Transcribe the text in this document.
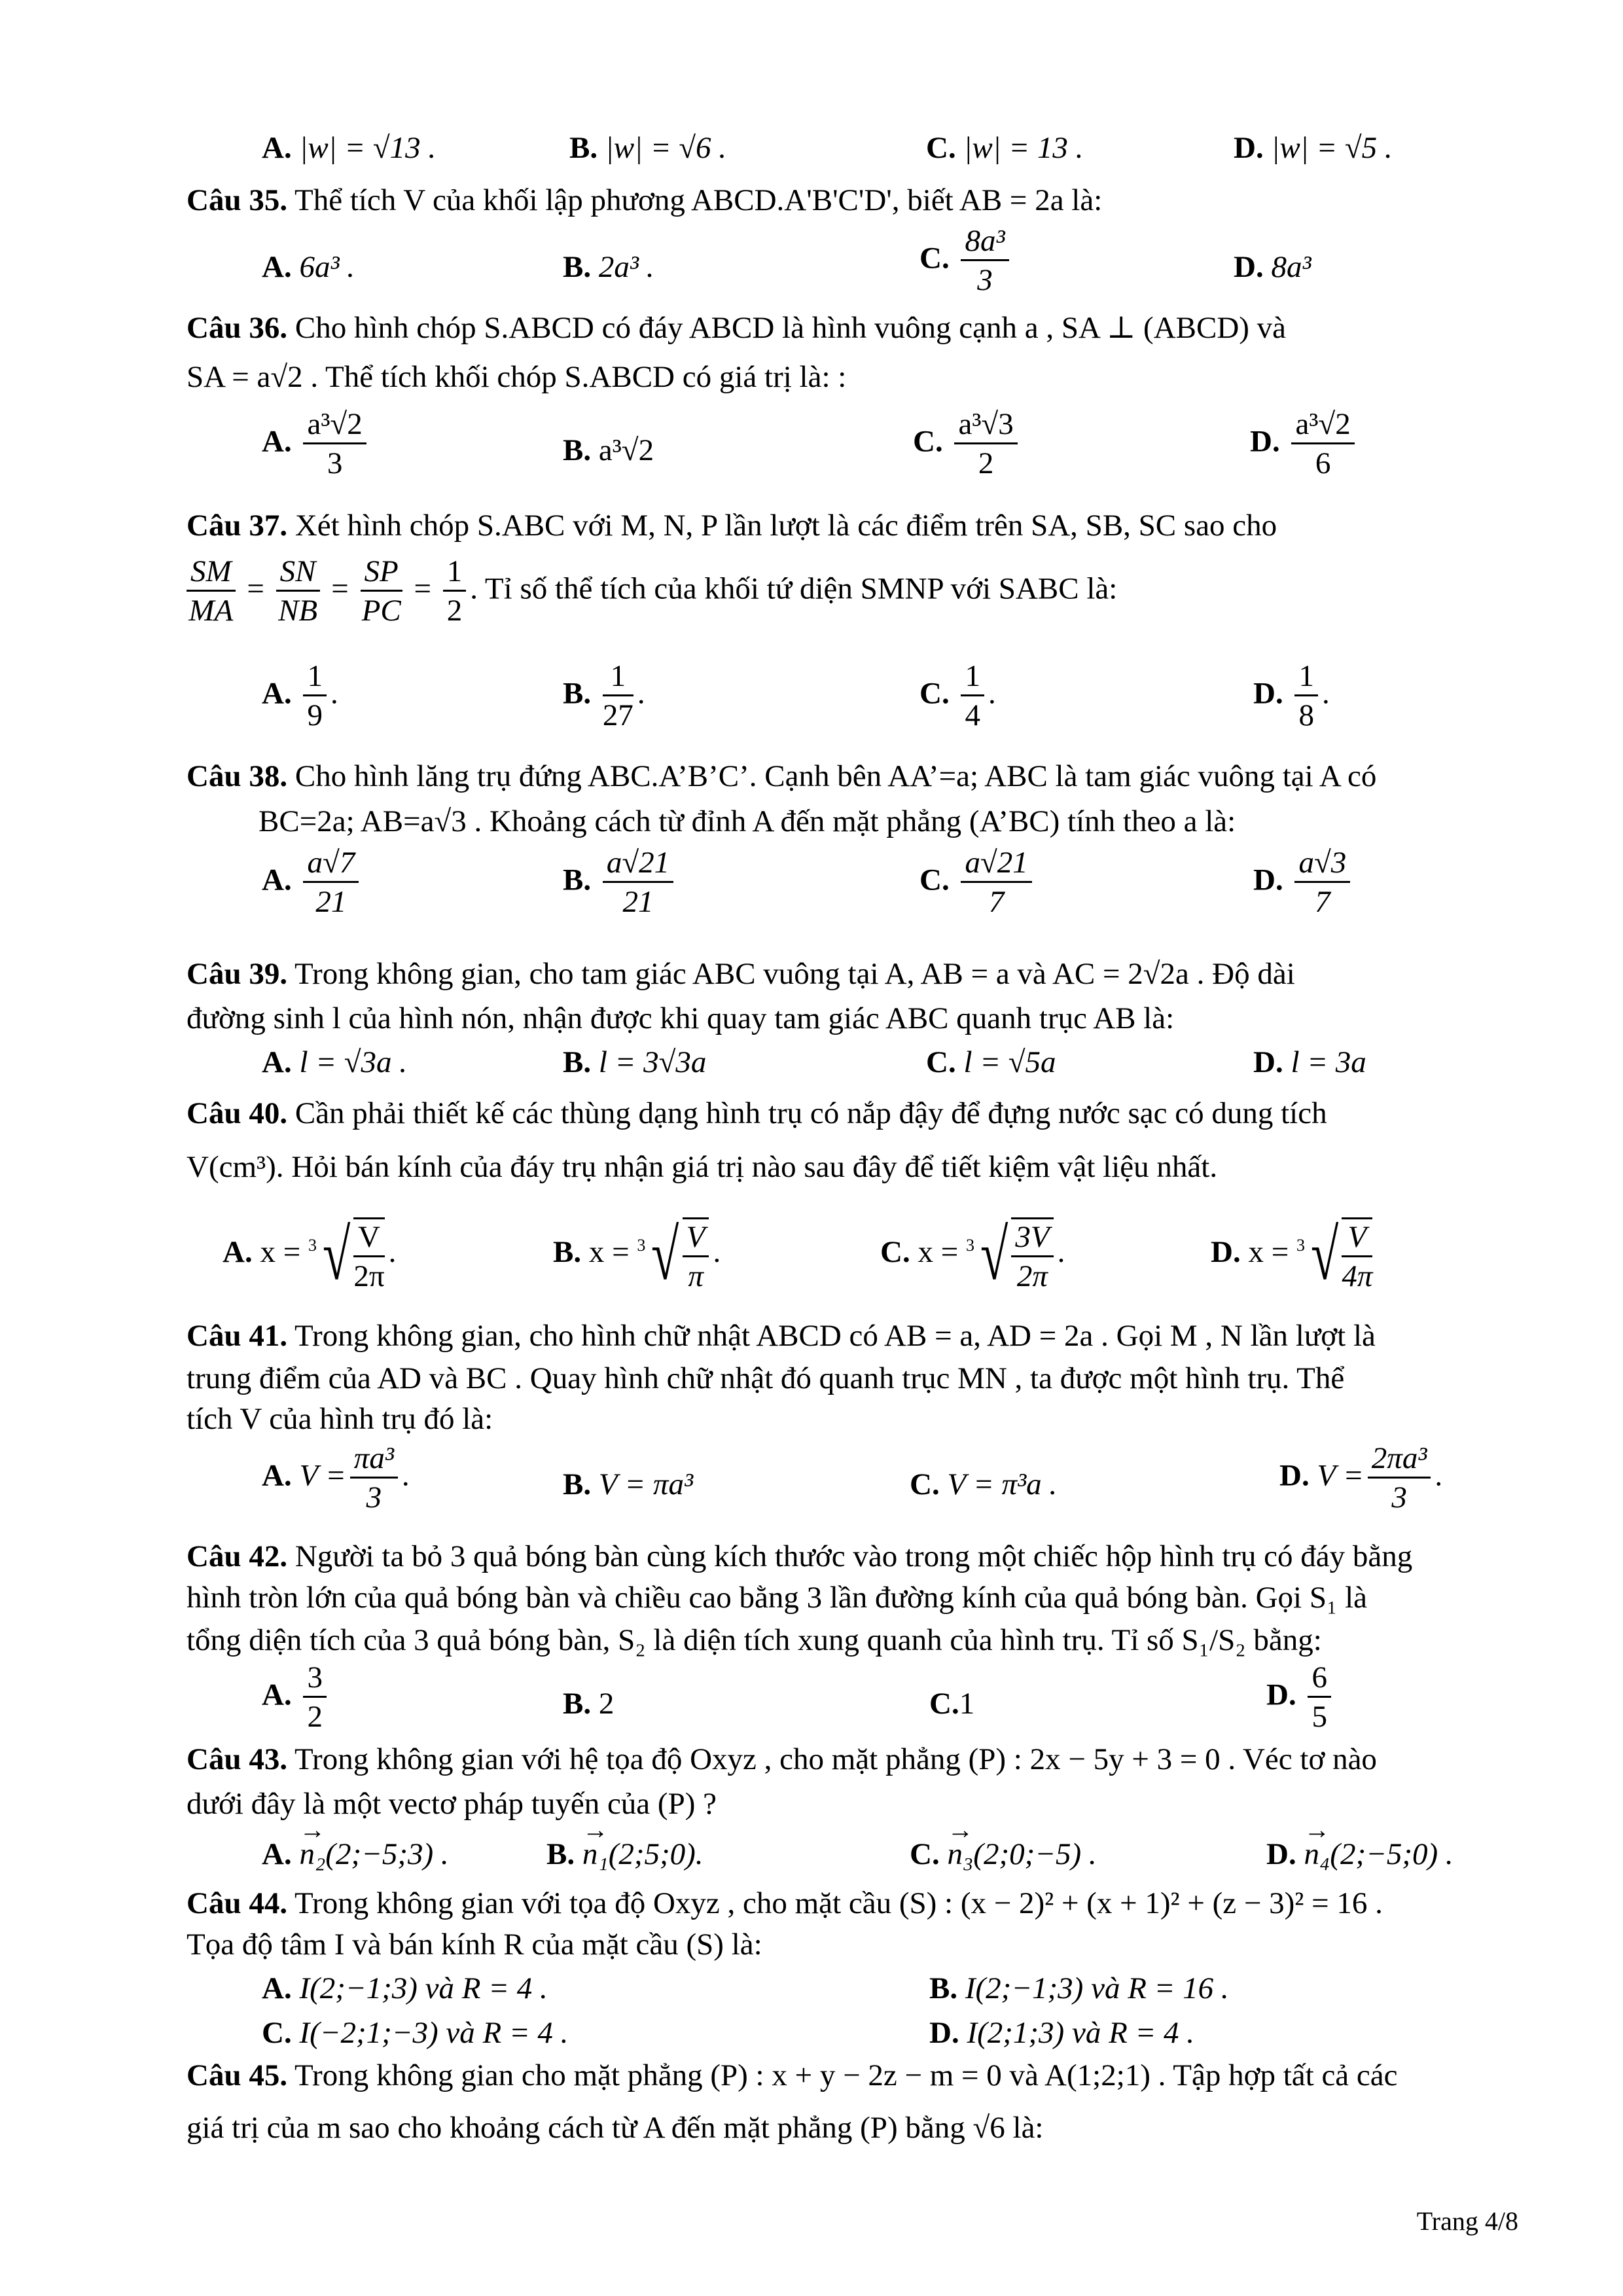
A. |w| = √13 .	B. |w| = √6 .	C. |w| = 13 .	D. |w| = √5 .
Câu 35. Thể tích V của khối lập phương ABCD.A'B'C'D', biết AB = 2a là:
A. 6a³ .	B. 2a³ .	C. $\frac{\text{8a³}}{3}$	D. 8a³
Câu 36. Cho hình chóp S.ABCD có đáy ABCD là hình vuông cạnh a , SA ⊥ (ABCD) và
SA = a√2 . Thể tích khối chóp S.ABCD có giá trị là: :
A. $\frac{\text{a³√2}}{3}$	B. a³√2	C. $\frac{\text{a³√3}}{2}$	D. $\frac{\text{a³√2}}{6}$
Câu 37. Xét hình chóp S.ABC với M, N, P lần lượt là các điểm trên SA, SB, SC sao cho
$\frac{SM}{MA} = \frac{SN}{NB} = \frac{SP}{PC} = \frac{1}{2}$ . Tỉ số thể tích của khối tứ diện SMNP với SABC là:
A. $\frac{1}{9}$ .	B. $\frac{1}{27}$ .	C. $\frac{1}{4}$ .	D. $\frac{1}{8}$ .
Câu 38. Cho hình lăng trụ đứng ABC.A’B’C’. Cạnh bên AA’=a; ABC là tam giác vuông tại A có
BC=2a; AB=a√3 . Khoảng cách từ đỉnh A đến mặt phẳng (A’BC) tính theo a là:
A. $\frac{a√7}{21}$	B. $\frac{a√21}{21}$	C. $\frac{a√21}{7}$	D. $\frac{a√3}{7}$
Câu 39. Trong không gian, cho tam giác ABC vuông tại A, AB = a và AC = 2√2a . Độ dài
đường sinh l của hình nón, nhận được khi quay tam giác ABC quanh trục AB là:
A. l = √3a .	B. l = 3√3a	C. l = √5a	D. l = 3a
Câu 40. Cần phải thiết kế các thùng dạng hình trụ có nắp đậy để đựng nước sạc có dung tích
V(cm³). Hỏi bán kính của đáy trụ nhận giá trị nào sau đây để tiết kiệm vật liệu nhất.
A. $x = ^3√ \frac{V}{2\pi}$ .	B. $x = ^3√ \frac{V}{\pi}$ .	C. $x = ^3√ \frac{3V}{2\pi}$ .	D. $x = ^3√ \frac{V}{4\pi}$
Câu 41. Trong không gian, cho hình chữ nhật ABCD có AB = a, AD = 2a . Gọi M , N lần lượt là
trung điểm của AD và BC . Quay hình chữ nhật đó quanh trục MN , ta được một hình trụ. Thể
tích V của hình trụ đó là:
A. $V = \frac{\text{πa³}}{3}$ .	B. V = πa³	C. V = π³a .	D. $V = \frac{\text{2πa³}}{3}$ .
Câu 42. Người ta bỏ 3 quả bóng bàn cùng kích thước vào trong một chiếc hộp hình trụ có đáy bằng
hình tròn lớn của quả bóng bàn và chiều cao bằng 3 lần đường kính của quả bóng bàn. Gọi S₁ là
tổng diện tích của 3 quả bóng bàn, S₂ là diện tích xung quanh của hình trụ. Tỉ số S₁/S₂ bằng:
A. $\frac{3}{2}$	B. 2	C.1	D. $\frac{6}{5}$
Câu 43. Trong không gian với hệ tọa độ Oxyz , cho mặt phẳng (P) : 2x − 5y + 3 = 0 . Véc tơ nào
dưới đây là một vectơ pháp tuyến của (P) ?
A. → n₂(2;−5;3) .	B. → n₁(2;5;0).	C. → n₃(2;0;−5) .	D. → n₄(2;−5;0) .
Câu 44. Trong không gian với tọa độ Oxyz , cho mặt cầu (S) : (x − 2)² + (x + 1)² + (z − 3)² = 16 .
Tọa độ tâm I và bán kính R của mặt cầu (S) là:
A. I(2;−1;3) và R = 4 .	B. I(2;−1;3) và R = 16 .
C. I(−2;1;−3) và R = 4 .	D. I(2;1;3) và R = 4 .
Câu 45. Trong không gian cho mặt phẳng (P) : x + y − 2z − m = 0 và A(1;2;1) . Tập hợp tất cả các
giá trị của m sao cho khoảng cách từ A đến mặt phẳng (P) bằng √6 là:
Trang 4/8
